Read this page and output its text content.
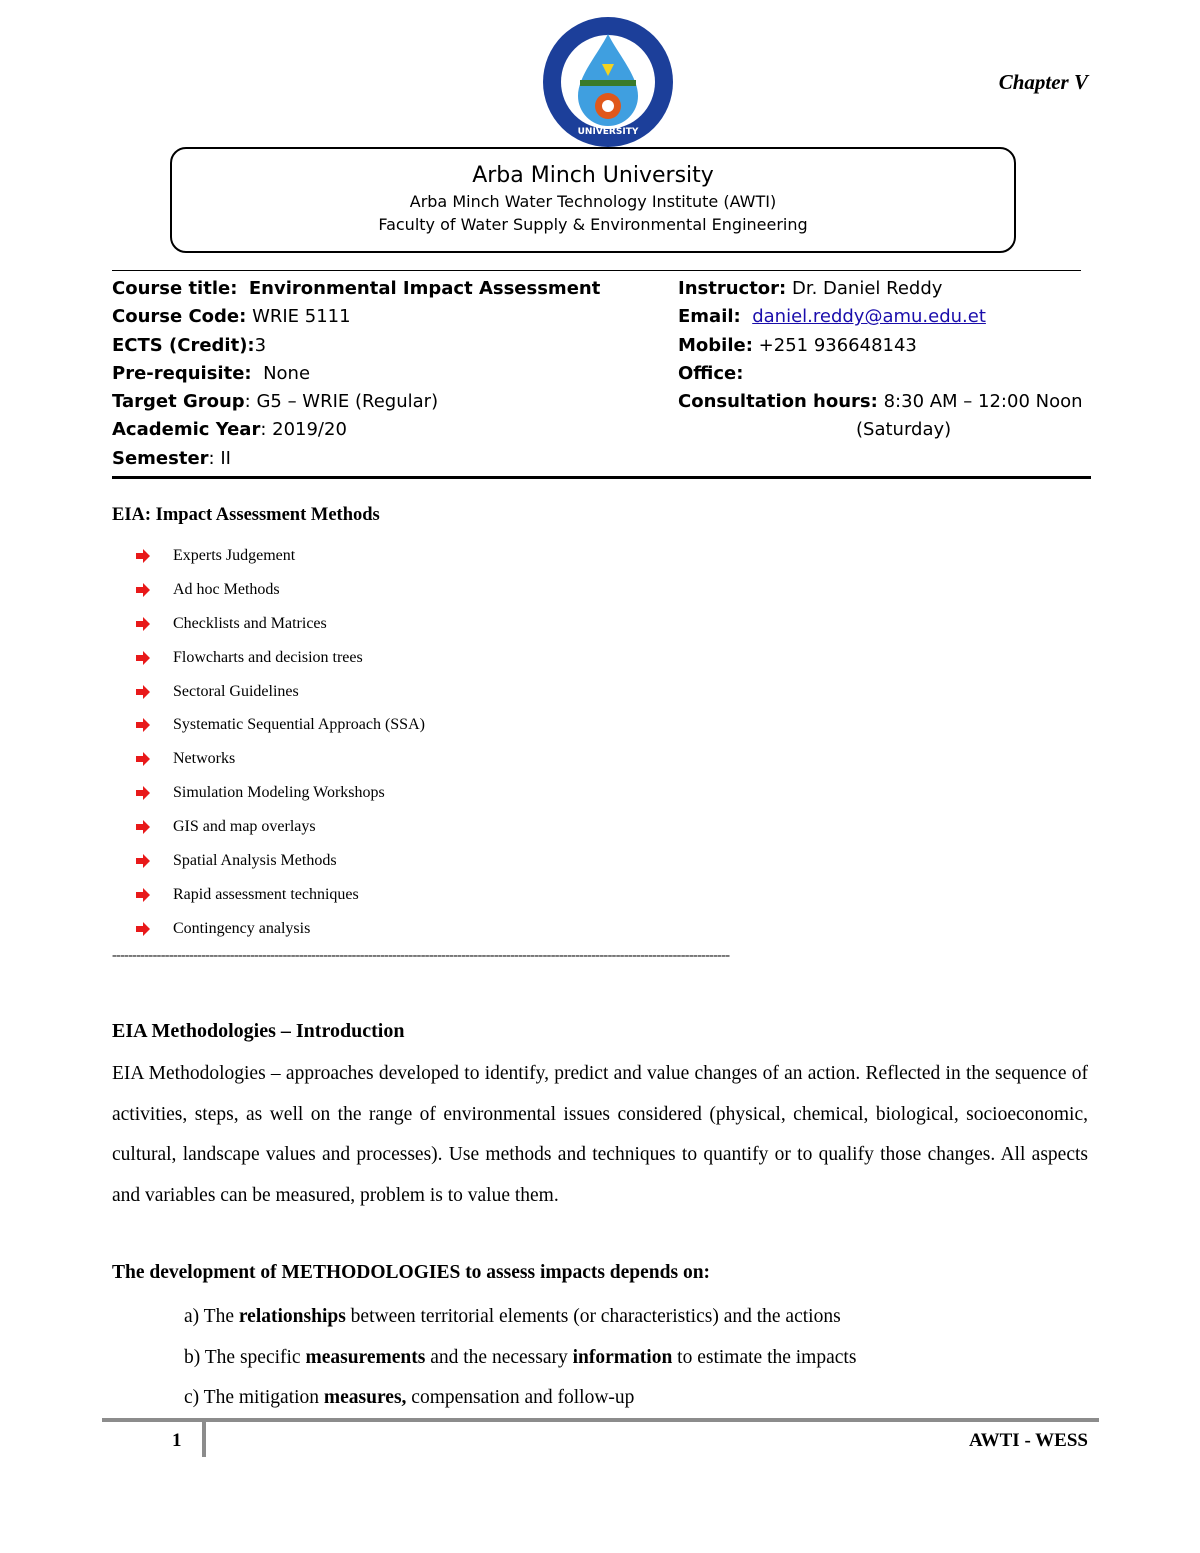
UNIVERSITY
Chapter V
Arba Minch University
Arba Minch Water Technology Institute (AWTI)
Faculty of Water Supply & Environmental Engineering
Course title: Environmental Impact Assessment
Course Code: WRIE 5111
ECTS (Credit):3
Pre-requisite: None
Target Group: G5 – WRIE (Regular)
Academic Year: 2019/20
Semester: II
Instructor: Dr. Daniel Reddy
Email: daniel.reddy@amu.edu.et
Mobile: +251 936648143
Office:
Consultation hours: 8:30 AM – 12:00 Noon
(Saturday)
EIA: Impact Assessment Methods
Experts Judgement
Ad hoc Methods
Checklists and Matrices
Flowcharts and decision trees
Sectoral Guidelines
Systematic Sequential Approach (SSA)
Networks
Simulation Modeling Workshops
GIS and map overlays
Spatial Analysis Methods
Rapid assessment techniques
Contingency analysis
--------------------------------------------------------------------------------------------------------------------------------------------------------
EIA Methodologies – Introduction
EIA Methodologies – approaches developed to identify, predict and value changes of an action. Reflected in the sequence of activities, steps, as well on the range of environmental issues considered (physical, chemical, biological, socioeconomic, cultural, landscape values and processes). Use methods and techniques to quantify or to qualify those changes. All aspects and variables can be measured, problem is to value them.
The development of METHODOLOGIES to assess impacts depends on:
a) The relationships between territorial elements (or characteristics) and the actions
b) The specific measurements and the necessary information to estimate the impacts
c) The mitigation measures, compensation and follow-up
1	AWTI - WESS
